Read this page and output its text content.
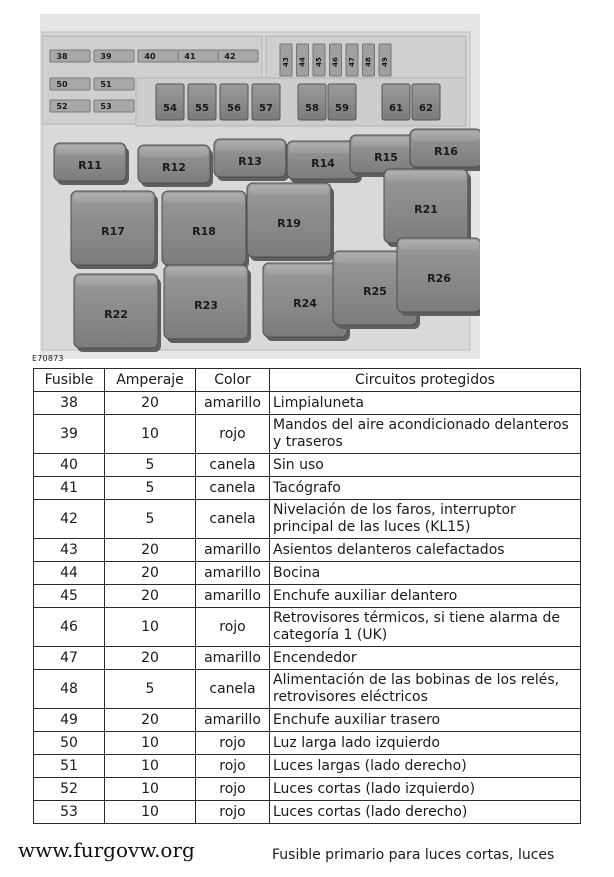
38	39	40	41	42
50	51
52	53
43 44 45 46 47 48 49
54 55 56 57	58 59	61 62
R11	R12	R13	R14	R15	R16
R17	R18
R19
R21
R22
R23	R24
R25
R26
E70873
Fusible	Amperaje	Color	Circuitos protegidos
38	20	amarillo	Limpialuneta
39	10	rojo	Mandos del aire acondicionado delanteros y traseros
40	5	canela	Sin uso
41	5	canela	Tacógrafo
42	5	canela	Nivelación de los faros, interruptor principal de las luces (KL15)
43	20	amarillo	Asientos delanteros calefactados
44	20	amarillo	Bocina
45	20	amarillo	Enchufe auxiliar delantero
46	10	rojo	Retrovisores térmicos, si tiene alarma de categoría 1 (UK)
47	20	amarillo	Encendedor
48	5	canela	Alimentación de las bobinas de los relés, retrovisores eléctricos
49	20	amarillo	Enchufe auxiliar trasero
50	10	rojo	Luz larga lado izquierdo
51	10	rojo	Luces largas (lado derecho)
52	10	rojo	Luces cortas (lado izquierdo)
53	10	rojo	Luces cortas (lado derecho)
Fusible primario para luces cortas, luces
www.furgovw.org
